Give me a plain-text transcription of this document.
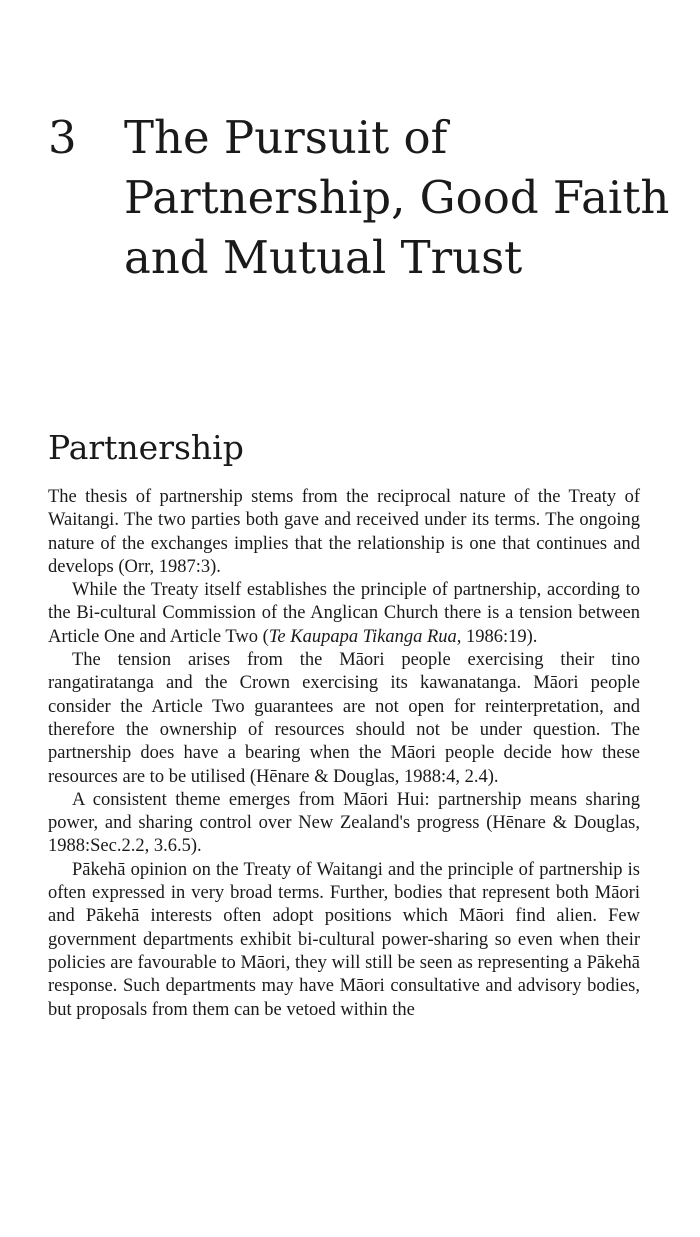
3	The Pursuit of
Partnership, Good Faith
and Mutual Trust
Partnership

The thesis of partnership stems from the reciprocal nature of the Treaty of Waitangi. The two parties both gave and received under its terms. The ongoing nature of the exchanges implies that the relationship is one that continues and develops (Orr, 1987:3).

While the Treaty itself establishes the principle of partnership, according to the Bi-cultural Commission of the Anglican Church there is a tension between Article One and Article Two (Te Kaupapa Tikanga Rua, 1986:19).

The tension arises from the Māori people exercising their tino rangatiratanga and the Crown exercising its kawanatanga. Māori people consider the Article Two guarantees are not open for reinterpretation, and therefore the ownership of resources should not be under question. The partnership does have a bearing when the Māori people decide how these resources are to be utilised (Hēnare & Douglas, 1988:4, 2.4).

A consistent theme emerges from Māori Hui: partnership means sharing power, and sharing control over New Zealand's progress (Hēnare & Douglas, 1988:Sec.2.2, 3.6.5).

Pākehā opinion on the Treaty of Waitangi and the principle of partnership is often expressed in very broad terms. Further, bodies that represent both Māori and Pākehā interests often adopt positions which Māori find alien. Few government departments exhibit bi-cultural power-sharing so even when their policies are favourable to Māori, they will still be seen as representing a Pākehā response. Such departments may have Māori consultative and advisory bodies, but proposals from them can be vetoed within the
